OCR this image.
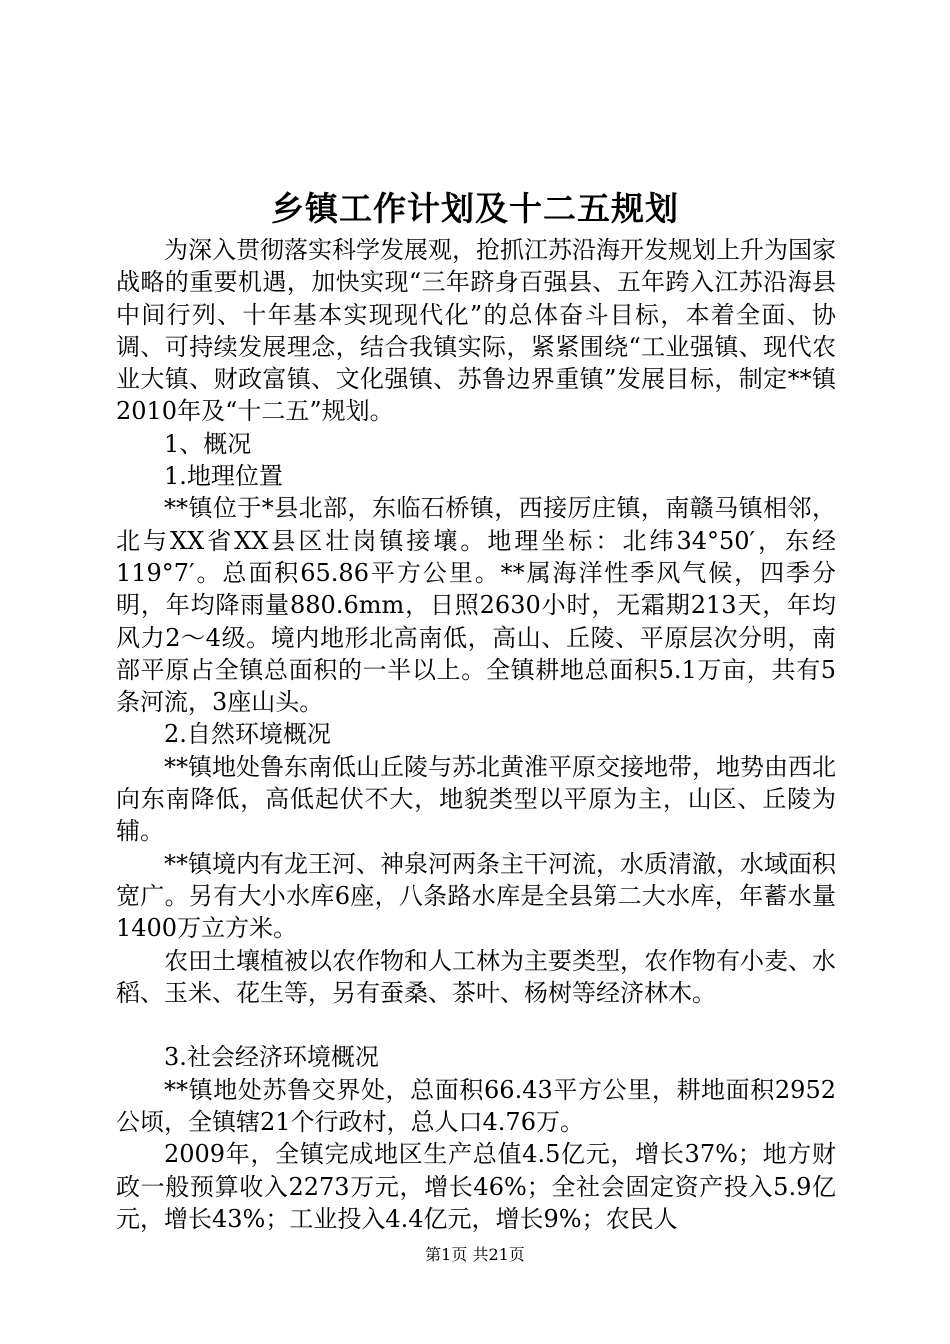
乡镇工作计划及十二五规划

为深入贯彻落实科学发展观，抢抓江苏沿海开发规划上升为国家战略的重要机遇，加快实现“三年跻身百强县、五年跨入江苏沿海县中间行列、十年基本实现现代化”的总体奋斗目标，本着全面、协调、可持续发展理念，结合我镇实际，紧紧围绕“工业强镇、现代农业大镇、财政富镇、文化强镇、苏鲁边界重镇”发展目标，制定**镇2010年及“十二五”规划。

1、概况

1.地理位置

**镇位于*县北部，东临石桥镇，西接厉庄镇，南赣马镇相邻，北与XX省XX县区壮岗镇接壤。地理坐标：北纬34°50′，东经119°7′。总面积65.86平方公里。**属海洋性季风气候，四季分明，年均降雨量880.6mm，日照2630小时，无霜期213天，年均风力2～4级。境内地形北高南低，高山、丘陵、平原层次分明，南部平原占全镇总面积的一半以上。全镇耕地总面积5.1万亩，共有5条河流，3座山头。

2.自然环境概况

**镇地处鲁东南低山丘陵与苏北黄淮平原交接地带，地势由西北向东南降低，高低起伏不大，地貌类型以平原为主，山区、丘陵为辅。

**镇境内有龙王河、神泉河两条主干河流，水质清澈，水域面积宽广。另有大小水库6座，八条路水库是全县第二大水库，年蓄水量1400万立方米。

农田土壤植被以农作物和人工林为主要类型，农作物有小麦、水稻、玉米、花生等，另有蚕桑、茶叶、杨树等经济林木。

3.社会经济环境概况

**镇地处苏鲁交界处，总面积66.43平方公里，耕地面积2952公顷，全镇辖21个行政村，总人口4.76万。

2009年，全镇完成地区生产总值4.5亿元，增长37%；地方财政一般预算收入2273万元，增长46%；全社会固定资产投入5.9亿元，增长43%；工业投入4.4亿元，增长9%；农民人

第1页 共21页
